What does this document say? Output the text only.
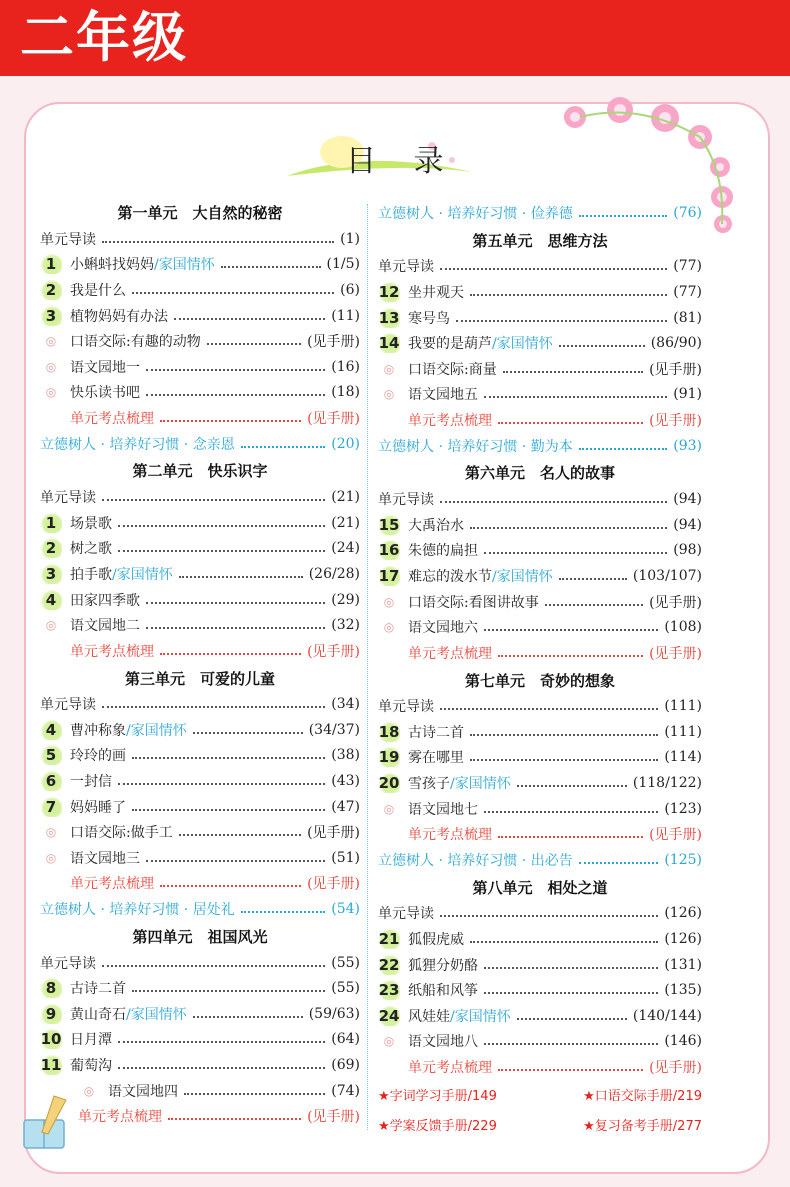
二年级
目 录
第一单元　大自然的秘密
单元导读	(1)
1 小蝌蚪找妈妈/家国情怀	(1/5)
2 我是什么	(6)
3 植物妈妈有办法	(11)
◎ 口语交际:有趣的动物	(见手册)
◎ 语文园地一	(16)
◎ 快乐读书吧	(18)
单元考点梳理	(见手册)
立德树人 · 培养好习惯 · 念亲恩	(20)
第二单元　快乐识字
单元导读	(21)
1 场景歌	(21)
2 树之歌	(24)
3 拍手歌/家国情怀	(26/28)
4 田家四季歌	(29)
◎ 语文园地二	(32)
单元考点梳理	(见手册)
第三单元　可爱的儿童
单元导读	(34)
4 曹冲称象/家国情怀	(34/37)
5 玲玲的画	(38)
6 一封信	(43)
7 妈妈睡了	(47)
◎ 口语交际:做手工	(见手册)
◎ 语文园地三	(51)
单元考点梳理	(见手册)
立德树人 · 培养好习惯 · 居处礼	(54)
第四单元　祖国风光
单元导读	(55)
8 古诗二首	(55)
9 黄山奇石/家国情怀	(59/63)
10 日月潭	(64)
11 葡萄沟	(69)
◎ 语文园地四	(74)
单元考点梳理	(见手册)
立德树人 · 培养好习惯 · 俭养德	(76)
第五单元　思维方法
单元导读	(77)
12 坐井观天	(77)
13 寒号鸟	(81)
14 我要的是葫芦/家国情怀	(86/90)
◎ 口语交际:商量	(见手册)
◎ 语文园地五	(91)
单元考点梳理	(见手册)
立德树人 · 培养好习惯 · 勤为本	(93)
第六单元　名人的故事
单元导读	(94)
15 大禹治水	(94)
16 朱德的扁担	(98)
17 难忘的泼水节/家国情怀	(103/107)
◎ 口语交际:看图讲故事	(见手册)
◎ 语文园地六	(108)
单元考点梳理	(见手册)
第七单元　奇妙的想象
单元导读	(111)
18 古诗二首	(111)
19 雾在哪里	(114)
20 雪孩子/家国情怀	(118/122)
◎ 语文园地七	(123)
单元考点梳理	(见手册)
立德树人 · 培养好习惯 · 出必告	(125)
第八单元　相处之道
单元导读	(126)
21 狐假虎威	(126)
22 狐狸分奶酪	(131)
23 纸船和风筝	(135)
24 风娃娃/家国情怀	(140/144)
◎ 语文园地八	(146)
单元考点梳理	(见手册)
★字词学习手册/149	★口语交际手册/219
★学案反馈手册/229	★复习备考手册/277
